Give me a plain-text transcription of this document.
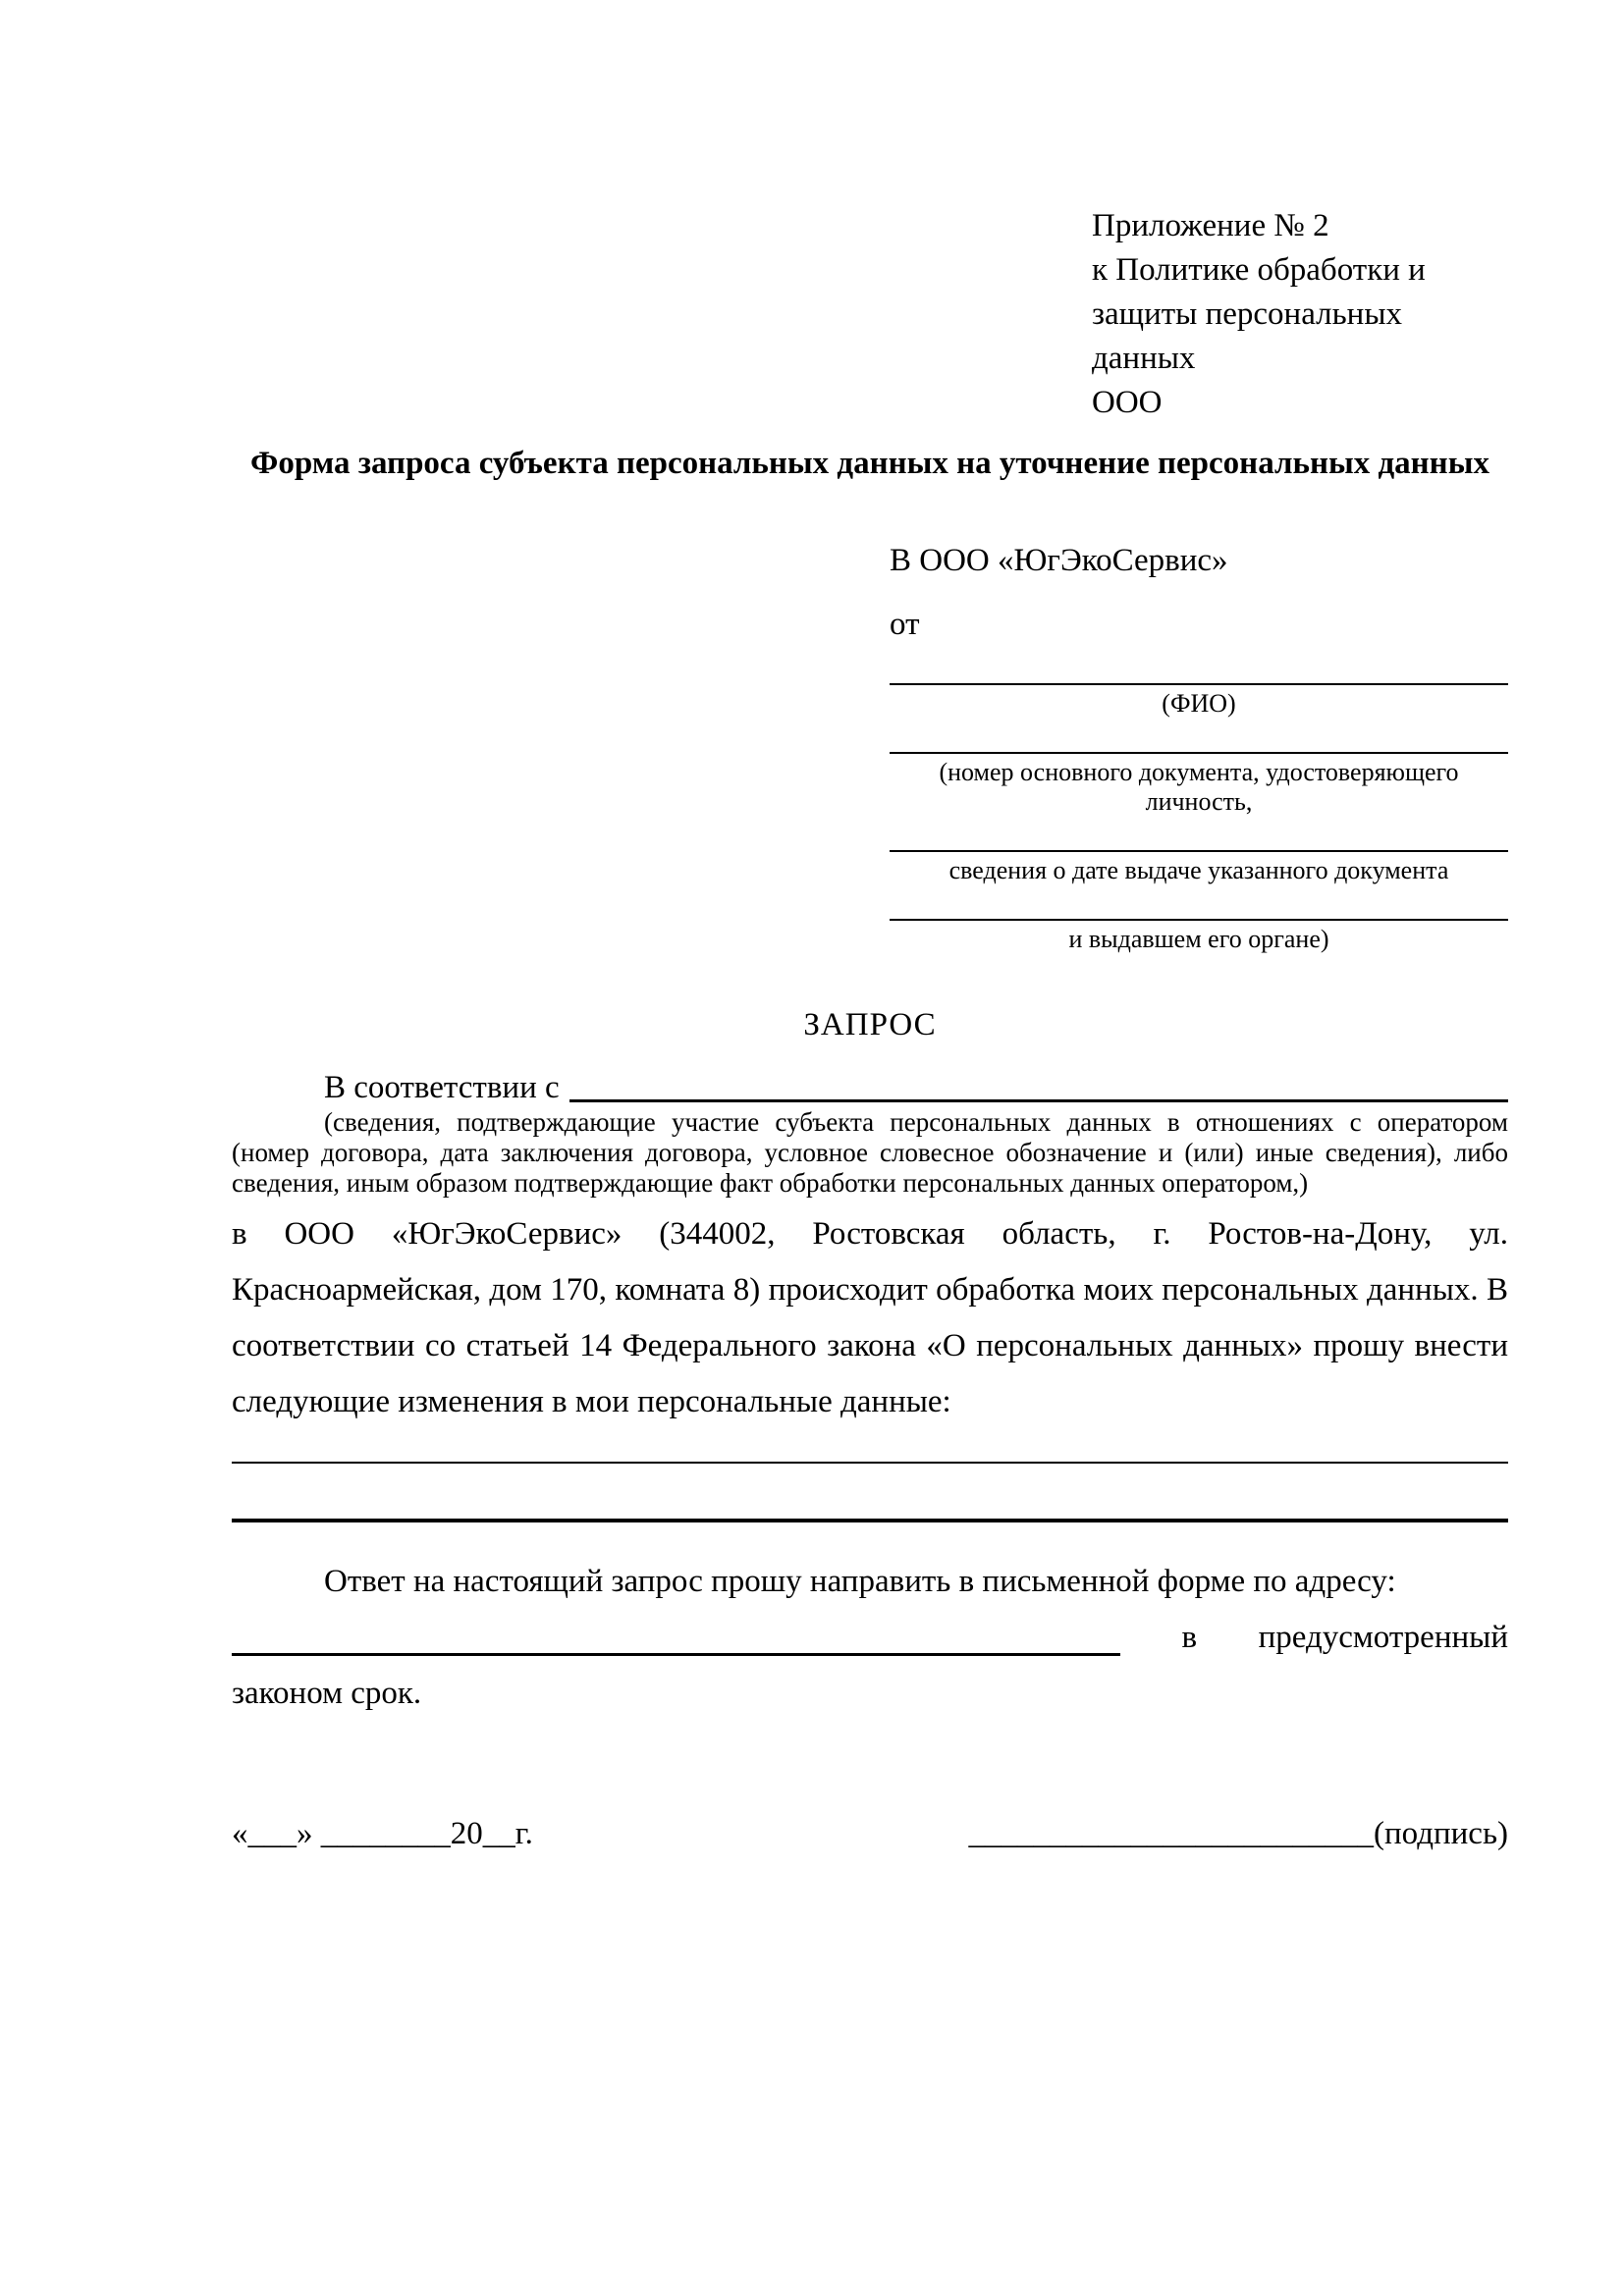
Приложение № 2
к Политике обработки и
защиты персональных данных
ООО
Форма запроса субъекта персональных данных на уточнение персональных данных
В ООО «ЮгЭкоСервис»
от
(ФИО)
(номер основного документа, удостоверяющего личность,
сведения о дате выдаче указанного документа
и выдавшем его органе)
ЗАПРОС
В соответствии с

(сведения, подтверждающие участие субъекта персональных данных в отношениях с оператором (номер договора, дата заключения договора, условное словесное обозначение и (или) иные сведения), либо сведения, иным образом подтверждающие факт обработки персональных данных оператором,)

в ООО «ЮгЭкоСервис» (344002, Ростовская область, г. Ростов-на-Дону, ул. Красноармейская, дом 170, комната 8) происходит обработка моих персональных данных. В соответствии со статьей 14 Федерального закона «О персональных данных» прошу внести следующие изменения в мои персональные данные:

Ответ на настоящий запрос прошу направить в письменной форме по адресу:

в предусмотренный

законом срок.

«___» ________20__г.	_________________________(подпись)
